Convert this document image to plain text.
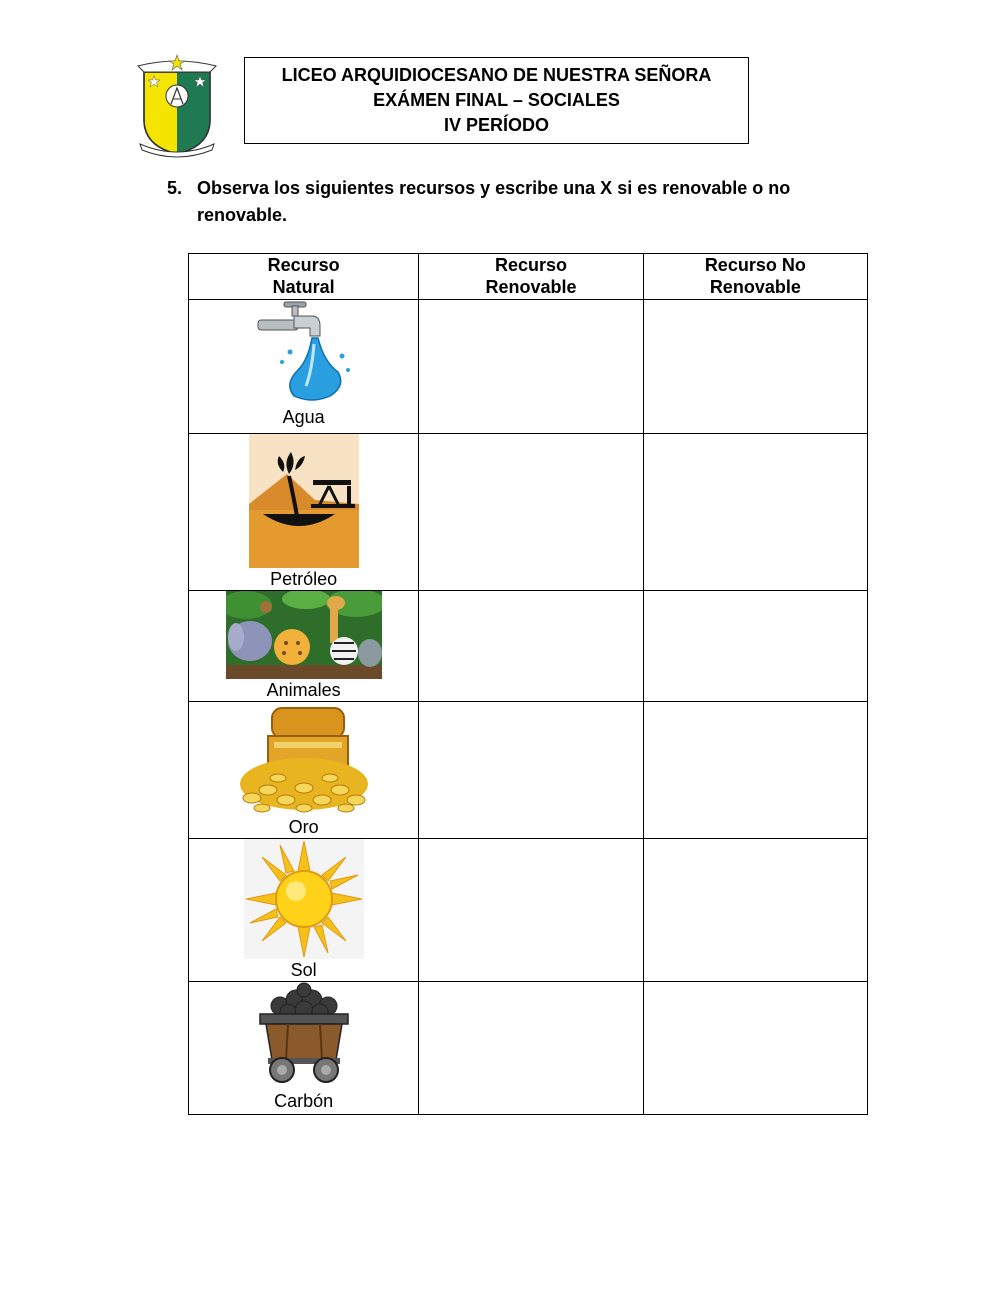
LICEO ARQUIDIOCESANO DE NUESTRA SEÑORA
EXÁMEN FINAL – SOCIALES
IV PERÍODO
5. Observa los siguientes recursos y escribe una X si es renovable o no renovable.
Recurso Natural	Recurso Renovable	Recurso No Renovable

Agua		

Petróleo		

Animales		

Oro		

Sol		

Carbón		
